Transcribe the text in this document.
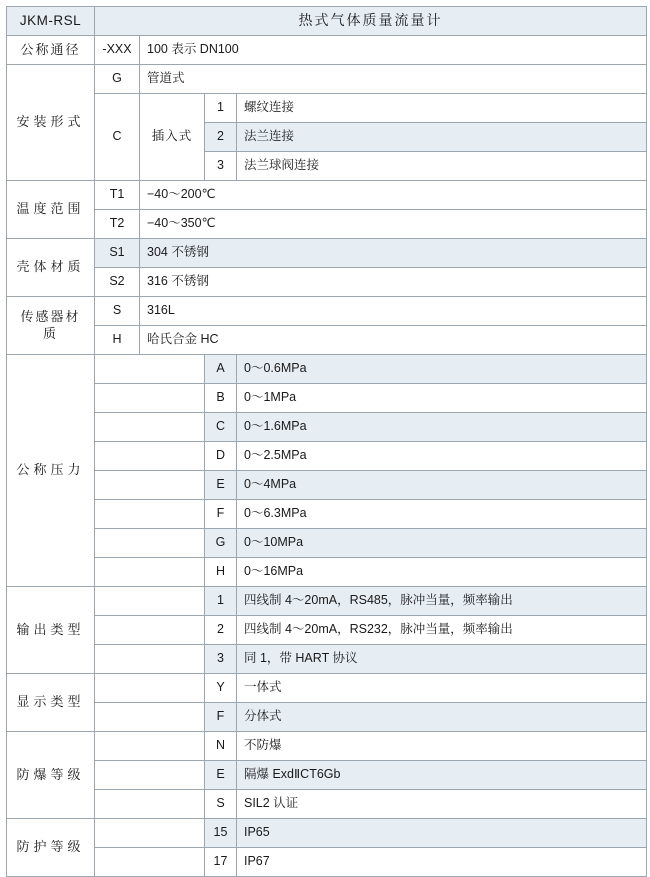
JKM-RSL	热式气体质量流量计			

公称通径	-XXX	100 表示 DN100		

安装形式	G	管道式		

	C	插入式	1	螺纹连接

			2	法兰连接

			3	法兰球阀连接

温度范围	T1	−40〜200℃		

	T2	−40〜350℃		

壳体材质	S1	304 不锈钢		

	S2	316 不锈钢		

传感器材质	S	316L		

	H	哈氏合金 HC		

公称压力			A	0〜0.6MPa

			B	0〜1MPa

			C	0〜1.6MPa

			D	0〜2.5MPa

			E	0〜4MPa

			F	0〜6.3MPa

			G	0〜10MPa

			H	0〜16MPa

输出类型			1	四线制 4〜20mA，RS485，脉冲当量，频率输出

			2	四线制 4〜20mA，RS232，脉冲当量，频率输出

			3	同 1，带 HART 协议

显示类型			Y	一体式

			F	分体式

防爆等级			N	不防爆

			E	隔爆 ExdⅡCT6Gb

			S	SIL2 认证

防护等级			15	IP65

			17	IP67
